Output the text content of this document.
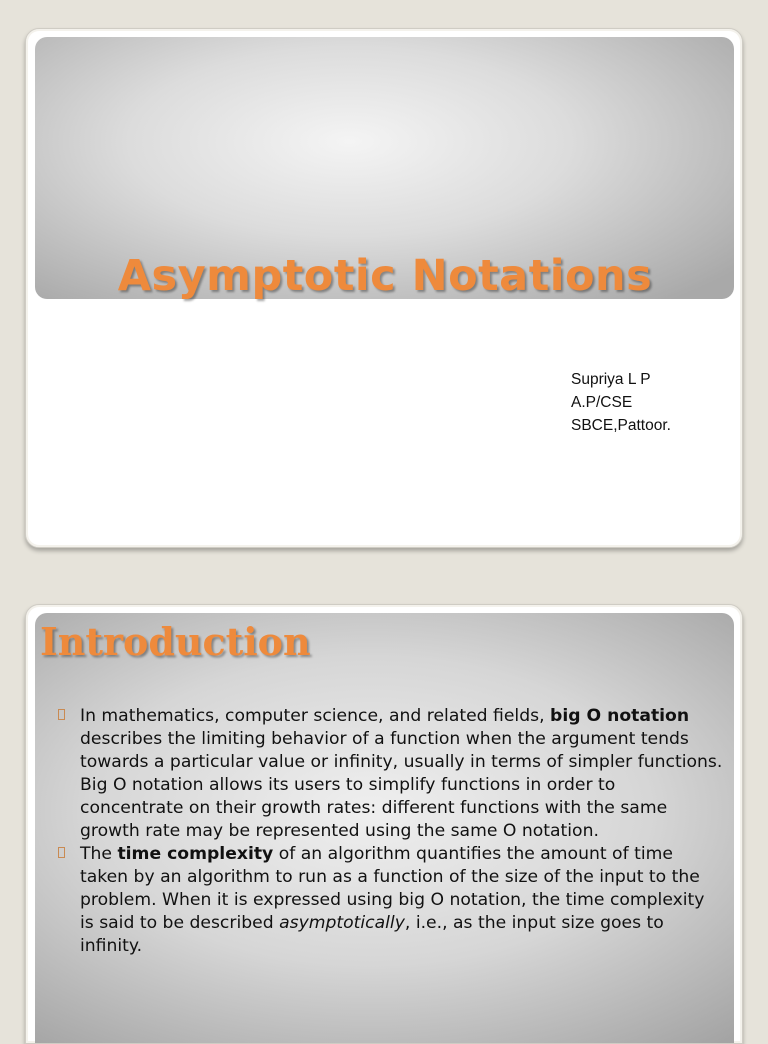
Asymptotic Notations
Supriya L P
A.P/CSE
SBCE,Pattoor.
Introduction
In mathematics, computer science, and related fields, big O notation describes the limiting behavior of a function when the argument tends towards a particular value or infinity, usually in terms of simpler functions. Big O notation allows its users to simplify functions in order to concentrate on their growth rates: different functions with the same growth rate may be represented using the same O notation.
The time complexity of an algorithm quantifies the amount of time taken by an algorithm to run as a function of the size of the input to the problem. When it is expressed using big O notation, the time complexity is said to be described asymptotically, i.e., as the input size goes to infinity.
